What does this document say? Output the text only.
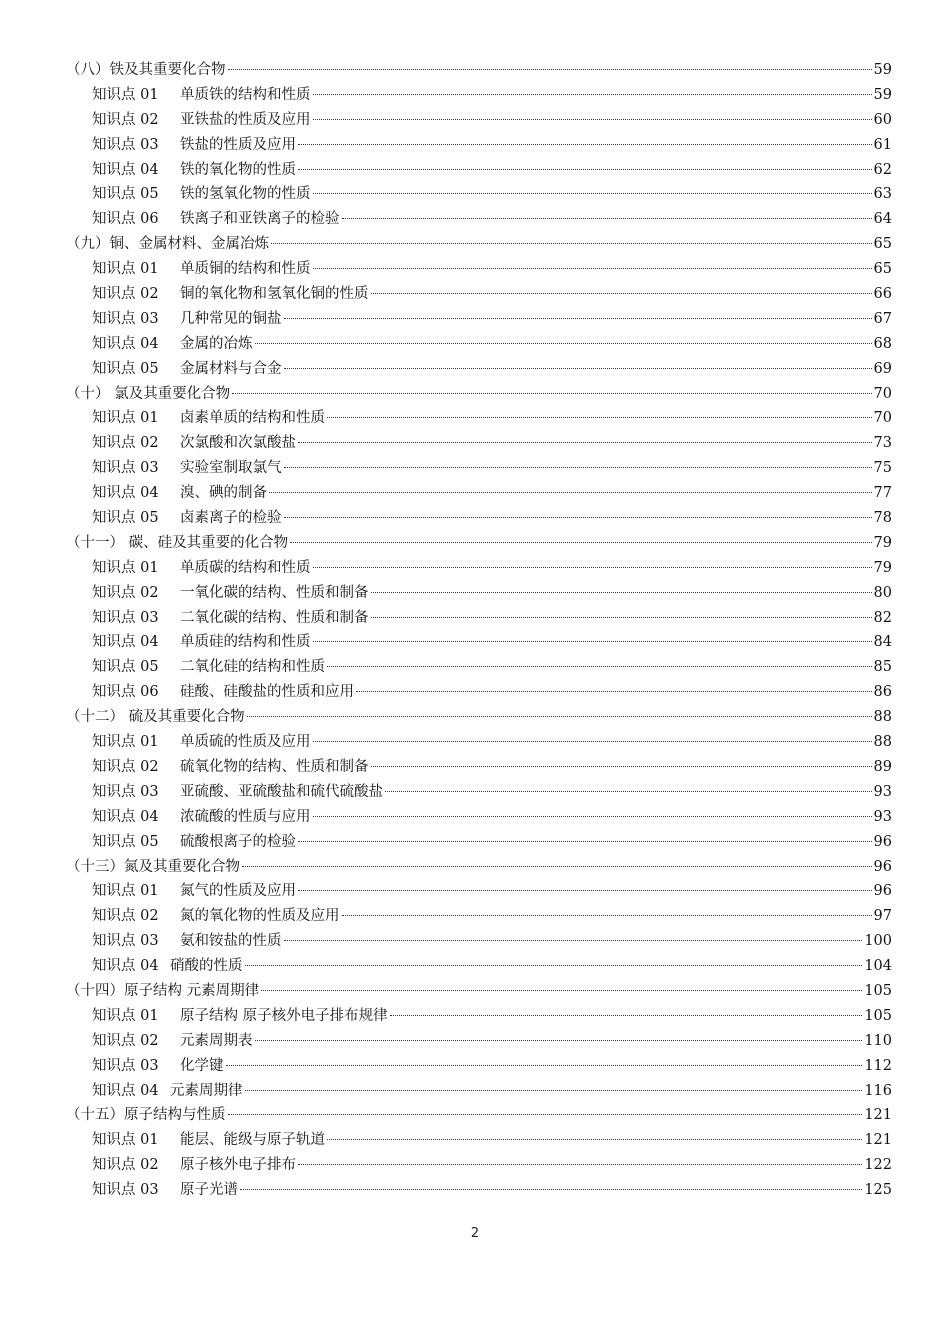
（八）铁及其重要化合物	59
知识点 01 单质铁的结构和性质	59
知识点 02 亚铁盐的性质及应用	60
知识点 03 铁盐的性质及应用	61
知识点 04 铁的氧化物的性质	62
知识点 05 铁的氢氧化物的性质	63
知识点 06 铁离子和亚铁离子的检验	64
（九）铜、金属材料、金属冶炼	65
知识点 01 单质铜的结构和性质	65
知识点 02 铜的氧化物和氢氧化铜的性质	66
知识点 03 几种常见的铜盐	67
知识点 04 金属的冶炼	68
知识点 05 金属材料与合金	69
（十） 氯及其重要化合物	70
知识点 01 卤素单质的结构和性质	70
知识点 02 次氯酸和次氯酸盐	73
知识点 03 实验室制取氯气	75
知识点 04 溴、碘的制备	77
知识点 05 卤素离子的检验	78
（十一） 碳、硅及其重要的化合物	79
知识点 01 单质碳的结构和性质	79
知识点 02 一氧化碳的结构、性质和制备	80
知识点 03 二氧化碳的结构、性质和制备	82
知识点 04 单质硅的结构和性质	84
知识点 05 二氧化硅的结构和性质	85
知识点 06 硅酸、硅酸盐的性质和应用	86
（十二） 硫及其重要化合物	88
知识点 01 单质硫的性质及应用	88
知识点 02 硫氧化物的结构、性质和制备	89
知识点 03 亚硫酸、亚硫酸盐和硫代硫酸盐	93
知识点 04 浓硫酸的性质与应用	93
知识点 05 硫酸根离子的检验	96
（十三）氮及其重要化合物	96
知识点 01 氮气的性质及应用	96
知识点 02 氮的氧化物的性质及应用	97
知识点 03 氨和铵盐的性质	100
知识点 04 硝酸的性质	104
（十四）原子结构 元素周期律	105
知识点 01 原子结构 原子核外电子排布规律	105
知识点 02 元素周期表	110
知识点 03 化学键	112
知识点 04 元素周期律	116
（十五）原子结构与性质	121
知识点 01 能层、能级与原子轨道	121
知识点 02 原子核外电子排布	122
知识点 03 原子光谱	125
2
